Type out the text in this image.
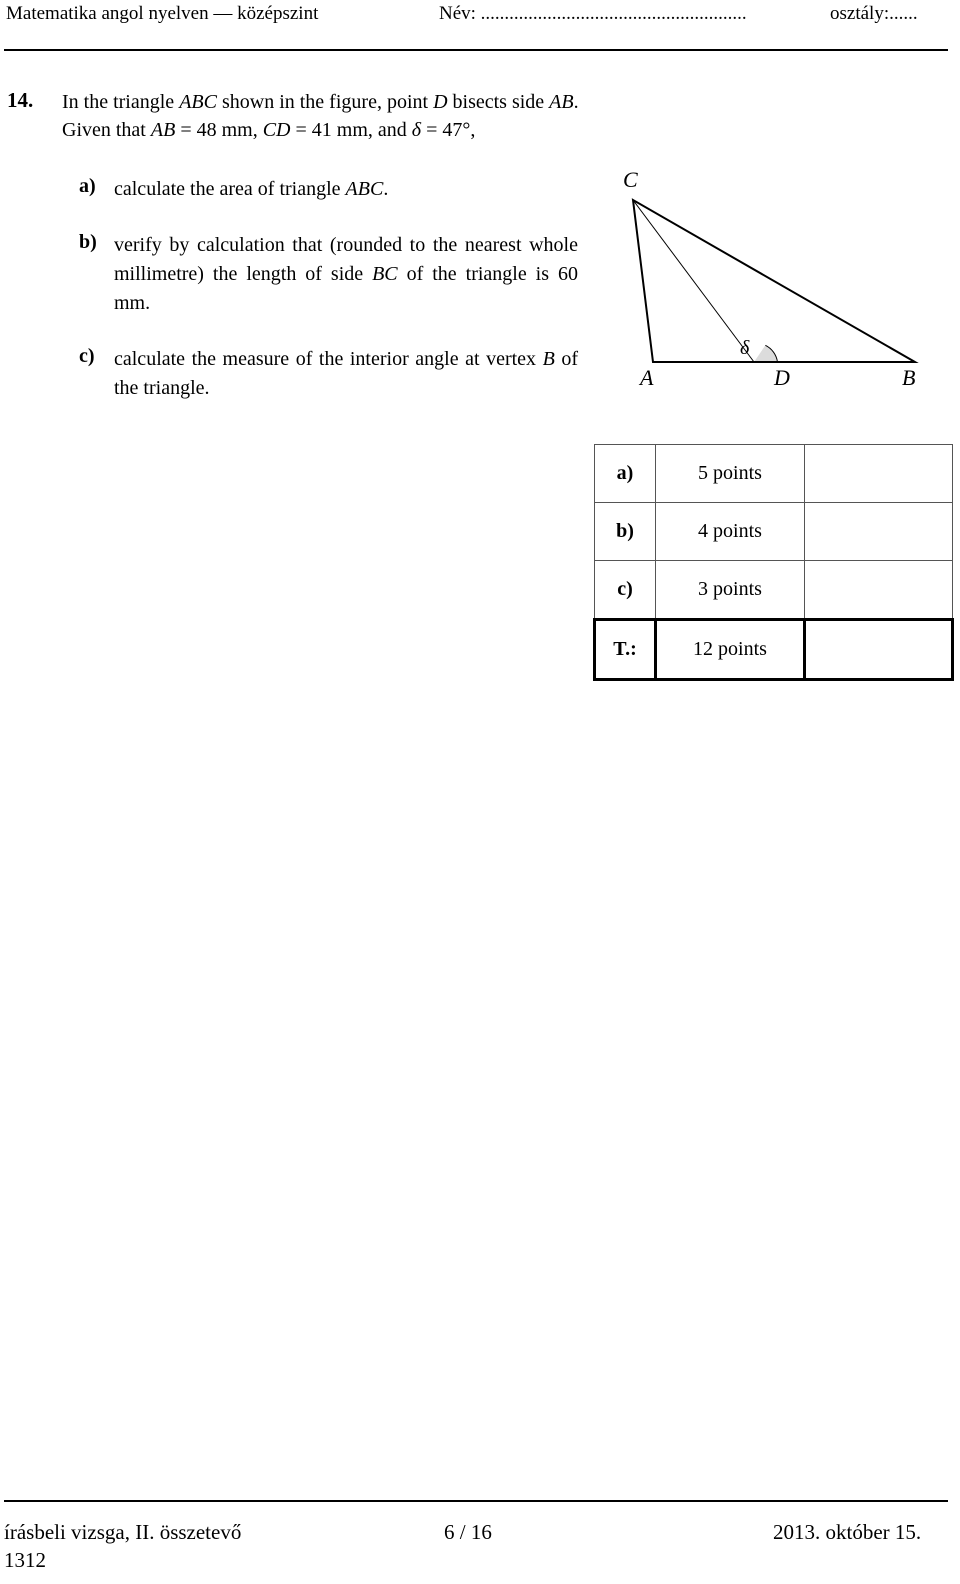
Matematika angol nyelven — középszint	Név: ........................................................	osztály:......
14. In the triangle ABC shown in the figure, point D bisects side AB.
Given that AB = 48 mm, CD = 41 mm, and δ = 47°,
a) calculate the area of triangle ABC.
b) verify by calculation that (rounded to the nearest whole millimetre) the length of side BC of the triangle is 60 mm.
c) calculate the measure of the interior angle at vertex B of the triangle.
C
A	D	B
δ
a)	5 points	
b)	4 points	
c)	3 points	
T.:	12 points	
írásbeli vizsga, II. összetevő
1312
6 / 16	2013. október 15.
